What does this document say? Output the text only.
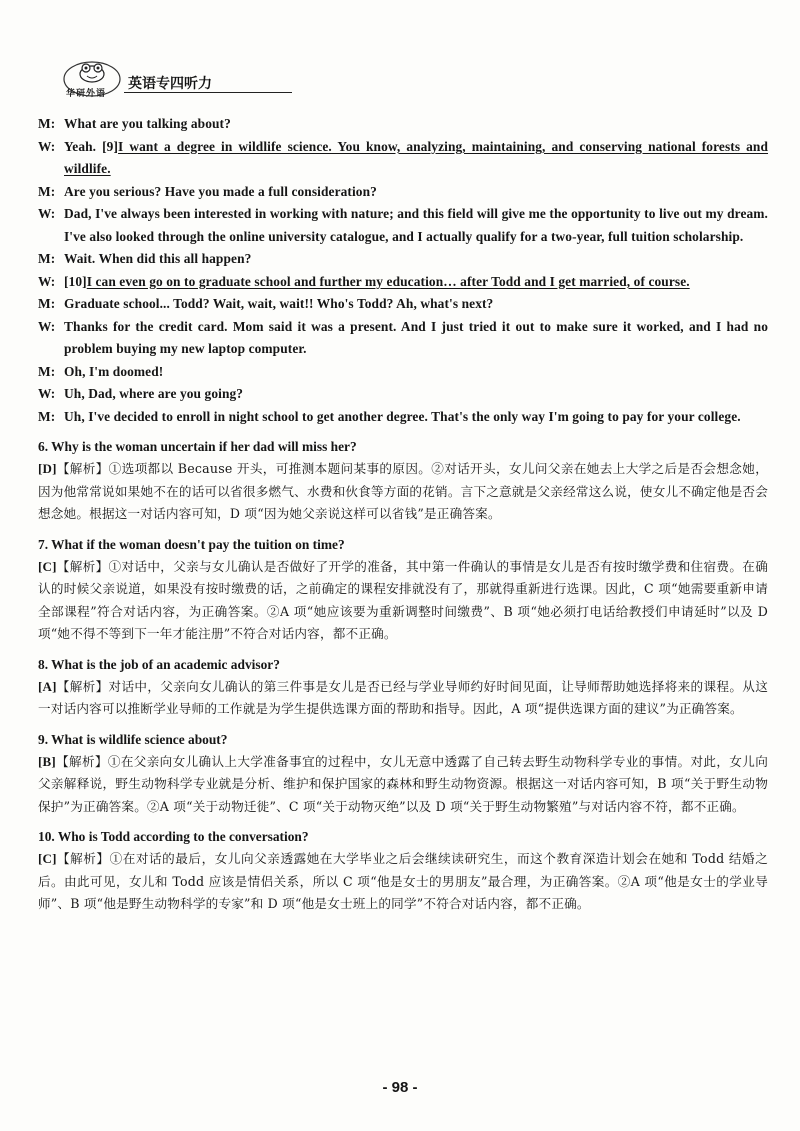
华研外语
英语专四听力
M: What are you talking about?
W: Yeah. [9]I want a degree in wildlife science. You know, analyzing, maintaining, and conserving national forests and wildlife.
M: Are you serious? Have you made a full consideration?
W: Dad, I've always been interested in working with nature; and this field will give me the opportunity to live out my dream. I've also looked through the online university catalogue, and I actually qualify for a two-year, full tuition scholarship.
M: Wait. When did this all happen?
W: [10]I can even go on to graduate school and further my education… after Todd and I get married, of course.
M: Graduate school... Todd? Wait, wait, wait!! Who's Todd? Ah, what's next?
W: Thanks for the credit card. Mom said it was a present. And I just tried it out to make sure it worked, and I had no problem buying my new laptop computer.
M: Oh, I'm doomed!
W: Uh, Dad, where are you going?
M: Uh, I've decided to enroll in night school to get another degree. That's the only way I'm going to pay for your college.
6. Why is the woman uncertain if her dad will miss her?
[D]【解析】①选项都以 Because 开头，可推测本题问某事的原因。②对话开头，女儿问父亲在她去上大学之后是否会想念她，因为他常常说如果她不在的话可以省很多燃气、水费和伙食等方面的花销。言下之意就是父亲经常这么说，使女儿不确定他是否会想念她。根据这一对话内容可知，D 项“因为她父亲说这样可以省钱”是正确答案。
7. What if the woman doesn't pay the tuition on time?
[C]【解析】①对话中，父亲与女儿确认是否做好了开学的准备，其中第一件确认的事情是女儿是否有按时缴学费和住宿费。在确认的时候父亲说道，如果没有按时缴费的话，之前确定的课程安排就没有了，那就得重新进行选课。因此，C 项“她需要重新申请全部课程”符合对话内容，为正确答案。②A 项“她应该要为重新调整时间缴费”、B 项“她必须打电话给教授们申请延时”以及 D 项“她不得不等到下一年才能注册”不符合对话内容，都不正确。
8. What is the job of an academic advisor?
[A]【解析】对话中，父亲向女儿确认的第三件事是女儿是否已经与学业导师约好时间见面，让导师帮助她选择将来的课程。从这一对话内容可以推断学业导师的工作就是为学生提供选课方面的帮助和指导。因此，A 项“提供选课方面的建议”为正确答案。
9. What is wildlife science about?
[B]【解析】①在父亲向女儿确认上大学准备事宜的过程中，女儿无意中透露了自己转去野生动物科学专业的事情。对此，女儿向父亲解释说，野生动物科学专业就是分析、维护和保护国家的森林和野生动物资源。根据这一对话内容可知，B 项“关于野生动物保护”为正确答案。②A 项“关于动物迁徙”、C 项“关于动物灭绝”以及 D 项“关于野生动物繁殖”与对话内容不符，都不正确。
10. Who is Todd according to the conversation?
[C]【解析】①在对话的最后，女儿向父亲透露她在大学毕业之后会继续读研究生，而这个教育深造计划会在她和 Todd 结婚之后。由此可见，女儿和 Todd 应该是情侣关系，所以 C 项“他是女士的男朋友”最合理，为正确答案。②A 项“他是女士的学业导师”、B 项“他是野生动物科学的专家”和 D 项“他是女士班上的同学”不符合对话内容，都不正确。
- 98 -
